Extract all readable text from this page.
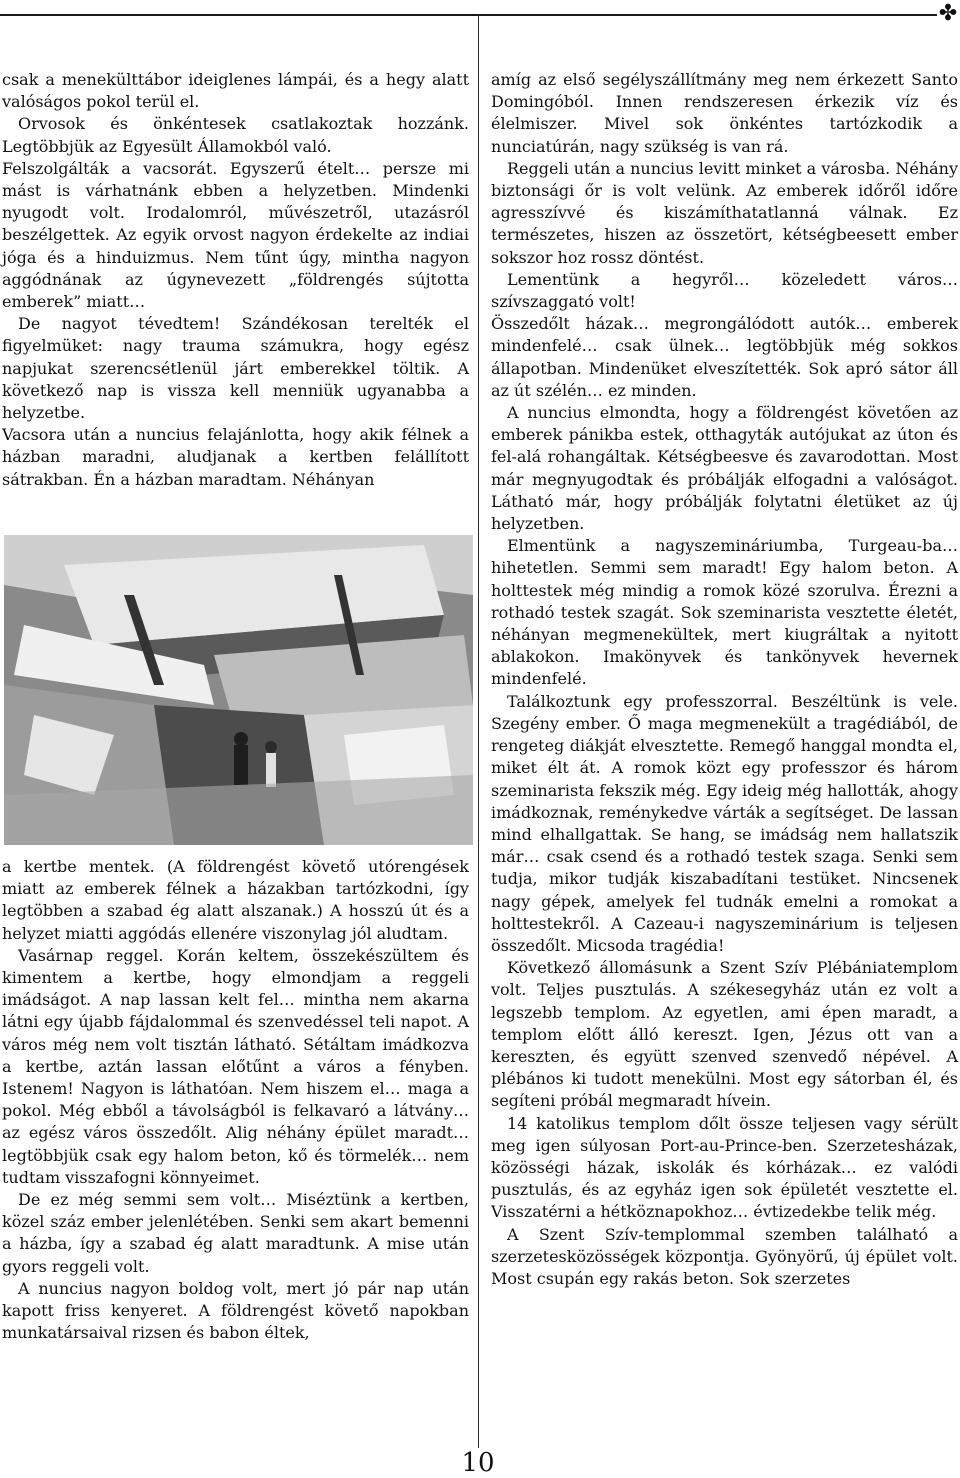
✤

csak a menekülttábor ideiglenes lámpái, és a hegy alatt valóságos pokol terül el.

Orvosok és önkéntesek csatlakoztak hozzánk. Legtöbbjük az Egyesült Államokból való.

Felszolgálták a vacsorát. Egyszerű ételt… persze mi mást is várhatnánk ebben a helyzetben. Mindenki nyugodt volt. Irodalomról, művészetről, utazásról beszélgettek. Az egyik orvost nagyon érdekelte az indiai jóga és a hinduizmus. Nem tűnt úgy, mintha nagyon aggódnának az úgynevezett „földrengés sújtotta emberek” miatt…

De nagyot tévedtem! Szándékosan terelték el figyelmüket: nagy trauma számukra, hogy egész napjukat szerencsétlenül járt emberekkel töltik. A következő nap is vissza kell menniük ugyanabba a helyzetbe.

Vacsora után a nuncius felajánlotta, hogy akik félnek a házban maradni, aludjanak a kertben felállított sátrakban. Én a házban maradtam. Néhányan

a kertbe mentek. (A földrengést követő utórengések miatt az emberek félnek a házakban tartózkodni, így legtöbben a szabad ég alatt alszanak.) A hosszú út és a helyzet miatti aggódás ellenére viszonylag jól aludtam.

Vasárnap reggel. Korán keltem, összekészültem és kimentem a kertbe, hogy elmondjam a reggeli imádságot. A nap lassan kelt fel… mintha nem akarna látni egy újabb fájdalommal és szenvedéssel teli napot. A város még nem volt tisztán látható. Sétáltam imádkozva a kertbe, aztán lassan előtűnt a város a fényben. Istenem! Nagyon is láthatóan. Nem hiszem el… maga a pokol. Még ebből a távolságból is felkavaró a látvány… az egész város összedőlt. Alig néhány épület maradt… legtöbbjük csak egy halom beton, kő és törmelék… nem tudtam visszafogni könnyeimet.

De ez még semmi sem volt… Miséztünk a kertben, közel száz ember jelenlétében. Senki sem akart bemenni a házba, így a szabad ég alatt maradtunk. A mise után gyors reggeli volt.

A nuncius nagyon boldog volt, mert jó pár nap után kapott friss kenyeret. A földrengést követő napokban munkatársaival rizsen és babon éltek,

amíg az első segélyszállítmány meg nem érkezett Santo Domingóból. Innen rendszeresen érkezik víz és élelmiszer. Mivel sok önkéntes tartózkodik a nunciatúrán, nagy szükség is van rá.

Reggeli után a nuncius levitt minket a városba. Néhány biztonsági őr is volt velünk. Az emberek időről időre agresszívvé és kiszámíthatatlanná válnak. Ez természetes, hiszen az összetört, kétségbeesett ember sokszor hoz rossz döntést.

Lementünk a hegyről… közeledett város… szívszaggató volt!

Összedőlt házak… megrongálódott autók… emberek mindenfelé… csak ülnek… legtöbbjük még sokkos állapotban. Mindenüket elveszítették. Sok apró sátor áll az út szélén… ez minden.

A nuncius elmondta, hogy a földrengést követően az emberek pánikba estek, otthagyták autójukat az úton és fel-alá rohangáltak. Kétségbeesve és zavarodottan. Most már megnyugodtak és próbálják elfogadni a valóságot. Látható már, hogy próbálják folytatni életüket az új helyzetben.

Elmentünk a nagyszemináriumba, Turgeau-ba… hihetetlen. Semmi sem maradt! Egy halom beton. A holttestek még mindig a romok közé szorulva. Érezni a rothadó testek szagát. Sok szeminarista vesztette életét, néhányan megmenekültek, mert kiugráltak a nyitott ablakokon. Imakönyvek és tankönyvek hevernek mindenfelé.

Találkoztunk egy professzorral. Beszéltünk is vele. Szegény ember. Ő maga megmenekült a tragédiából, de rengeteg diákját elvesztette. Remegő hanggal mondta el, miket élt át. A romok közt egy professzor és három szeminarista fekszik még. Egy ideig még hallották, ahogy imádkoznak, reménykedve várták a segítséget. De lassan mind elhallgattak. Se hang, se imádság nem hallatszik már… csak csend és a rothadó testek szaga. Senki sem tudja, mikor tudják kiszabadítani testüket. Nincsenek nagy gépek, amelyek fel tudnák emelni a romokat a holttestekről. A Cazeau-i nagyszeminárium is teljesen összedőlt. Micsoda tragédia!

Következő állomásunk a Szent Szív Plébániatemplom volt. Teljes pusztulás. A székesegyház után ez volt a legszebb templom. Az egyetlen, ami épen maradt, a templom előtt álló kereszt. Igen, Jézus ott van a kereszten, és együtt szenved szenvedő népével. A plébános ki tudott menekülni. Most egy sátorban él, és segíteni próbál megmaradt hívein.

14 katolikus templom dőlt össze teljesen vagy sérült meg igen súlyosan Port-au-Prince-ben. Szerzetesházak, közösségi házak, iskolák és kórházak… ez valódi pusztulás, és az egyház igen sok épületét vesztette el. Visszatérni a hétköznapokhoz… évtizedekbe telik még.

A Szent Szív-templommal szemben található a szerzetesközösségek központja. Gyönyörű, új épület volt. Most csupán egy rakás beton. Sok szerzetes

10
